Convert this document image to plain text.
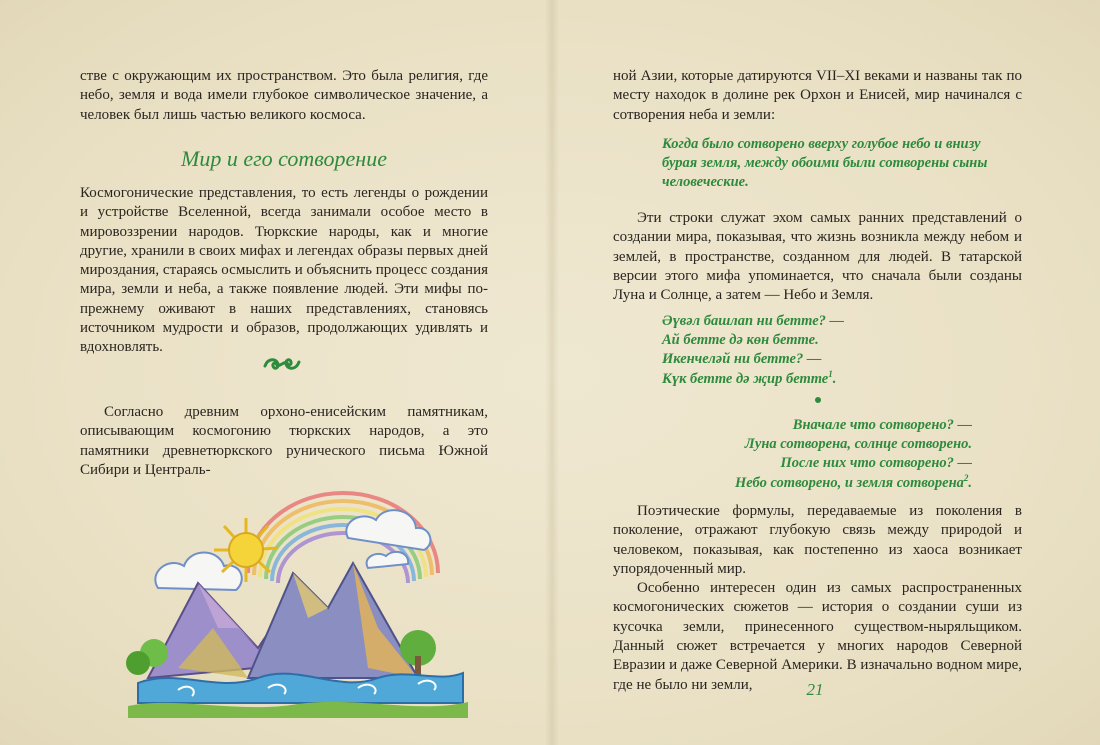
стве с окружающим их пространством. Это была религия, где небо, земля и вода имели глубокое символическое значение, а человек был лишь частью великого космоса.

Мир и его сотворение

Космогонические представления, то есть легенды о рождении и устройстве Вселенной, всегда занимали особое место в мировоззрении народов. Тюркские народы, как и многие другие, хранили в своих мифах и легендах образы первых дней мироздания, стараясь осмыслить и объяснить процесс создания мира, земли и неба, а также появление людей. Эти мифы по-прежнему оживают в наших представлениях, становясь источником мудрости и образов, продолжающих удивлять и вдохновлять.

Согласно древним орхоно-енисейским памятникам, описывающим космогонию тюркских народов, а это памятники древнетюркского рунического письма Южной Сибири и Централь-

ной Азии, которые датируются VII–XI веками и названы так по месту находок в долине рек Орхон и Енисей, мир начинался с сотворения неба и земли:

Когда было сотворено вверху голубое небо и внизу бурая земля, между обоими были сотворены сыны человеческие.

Эти строки служат эхом самых ранних представлений о создании мира, показывая, что жизнь возникла между небом и землей, в пространстве, созданном для людей. В татарской версии этого мифа упоминается, что сначала были созданы Луна и Солнце, а затем — Небо и Земля.

Әүвәл башлап ни бетте? —

Ай бетте дә көн бетте.

Икенчеләй ни бетте? —

Күк бетте дә җир бетте$^1$.

Вначале что сотворено? —

Луна сотворена, солнце сотворено.

После них что сотворено? —

Небо сотворено, и земля сотворена$^2$.

Поэтические формулы, передаваемые из поколения в поколение, отражают глубокую связь между природой и человеком, показывая, как постепенно из хаоса возникает упорядоченный мир.

Особенно интересен один из самых распространенных космогонических сюжетов — история о создании суши из кусочка земли, принесенного существом-ныряльщиком. Данный сюжет встречается у многих народов Северной Евразии и даже Северной Америки. В изначально водном мире, где не было ни земли,	21
